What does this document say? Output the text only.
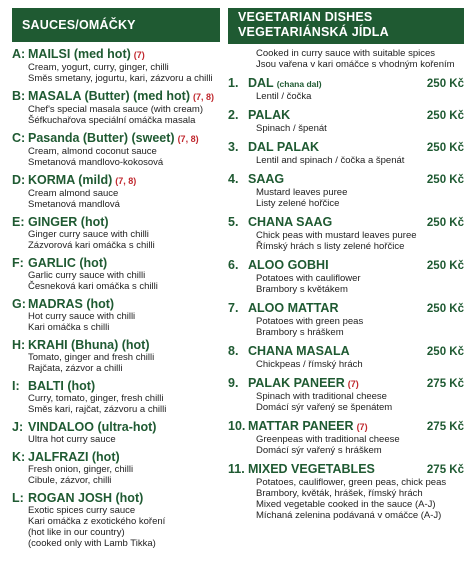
SAUCES/OMÁČKY
A: MAILSI (med hot) (7)
Cream, yogurt, curry, ginger, chilli
Směs smetany, jogurtu, kari, zázvoru a chilli
B: MASALA (Butter) (med hot) (7, 8)
Chef's special masala sauce (with cream)
Šéfkuchařova speciální omáčka masala
C: Pasanda (Butter) (sweet) (7, 8)
Cream, almond coconut sauce
Smetanová mandlovo-kokosová
D: KORMA (mild) (7, 8)
Cream almond sauce
Smetanová mandlová
E: GINGER (hot)
Ginger curry sauce with chilli
Zázvorová kari omáčka s chilli
F: GARLIC (hot)
Garlic curry sauce with chilli
Česneková kari omáčka s chilli
G: MADRAS (hot)
Hot curry sauce with chilli
Kari omáčka s chilli
H: KRAHI (Bhuna) (hot)
Tomato, ginger and fresh chilli
Rajčata, zázvor a chilli
I: BALTI (hot)
Curry, tomato, ginger, fresh chilli
Směs kari, rajčat, zázvoru a chilli
J: VINDALOO (ultra-hot)
Ultra hot curry sauce
K: JALFRAZI (hot)
Fresh onion, ginger, chilli
Cibule, zázvor, chilli
L: ROGAN JOSH (hot)
Exotic spices curry sauce
Kari omáčka z exotického koření
(hot like in our country)
(cooked only with Lamb Tikka)
VEGETARIAN DISHES
VEGETARIÁNSKÁ JÍDLA
Cooked in curry sauce with suitable spices
Jsou vařena v kari omáčce s vhodným kořením
1. DAL (chana dal)	250 Kč
Lentil / čočka
2. PALAK	250 Kč
Spinach / špenát
3. DAL PALAK	250 Kč
Lentil and spinach / čočka a špenát
4. SAAG	250 Kč
Mustard leaves puree
Listy zelené hořčice
5. CHANA SAAG	250 Kč
Chick peas with mustard leaves puree
Římský hrách s listy zelené hořčice
6. ALOO GOBHI	250 Kč
Potatoes with cauliflower
Brambory s květákem
7. ALOO MATTAR	250 Kč
Potatoes with green peas
Brambory s hráškem
8. CHANA MASALA	250 Kč
Chickpeas / římský hrách
9. PALAK PANEER (7)	275 Kč
Spinach with traditional cheese
Domácí sýr vařený se špenátem
10. MATTAR PANEER (7)	275 Kč
Greenpeas with traditional cheese
Domácí sýr vařený s hráškem
11. MIXED VEGETABLES	275 Kč
Potatoes, cauliflower, green peas, chick peas
Brambory, květák, hrášek, římský hrách
Mixed vegetable cooked in the sauce (A-J)
Míchaná zelenina podávaná v omáčce (A-J)
